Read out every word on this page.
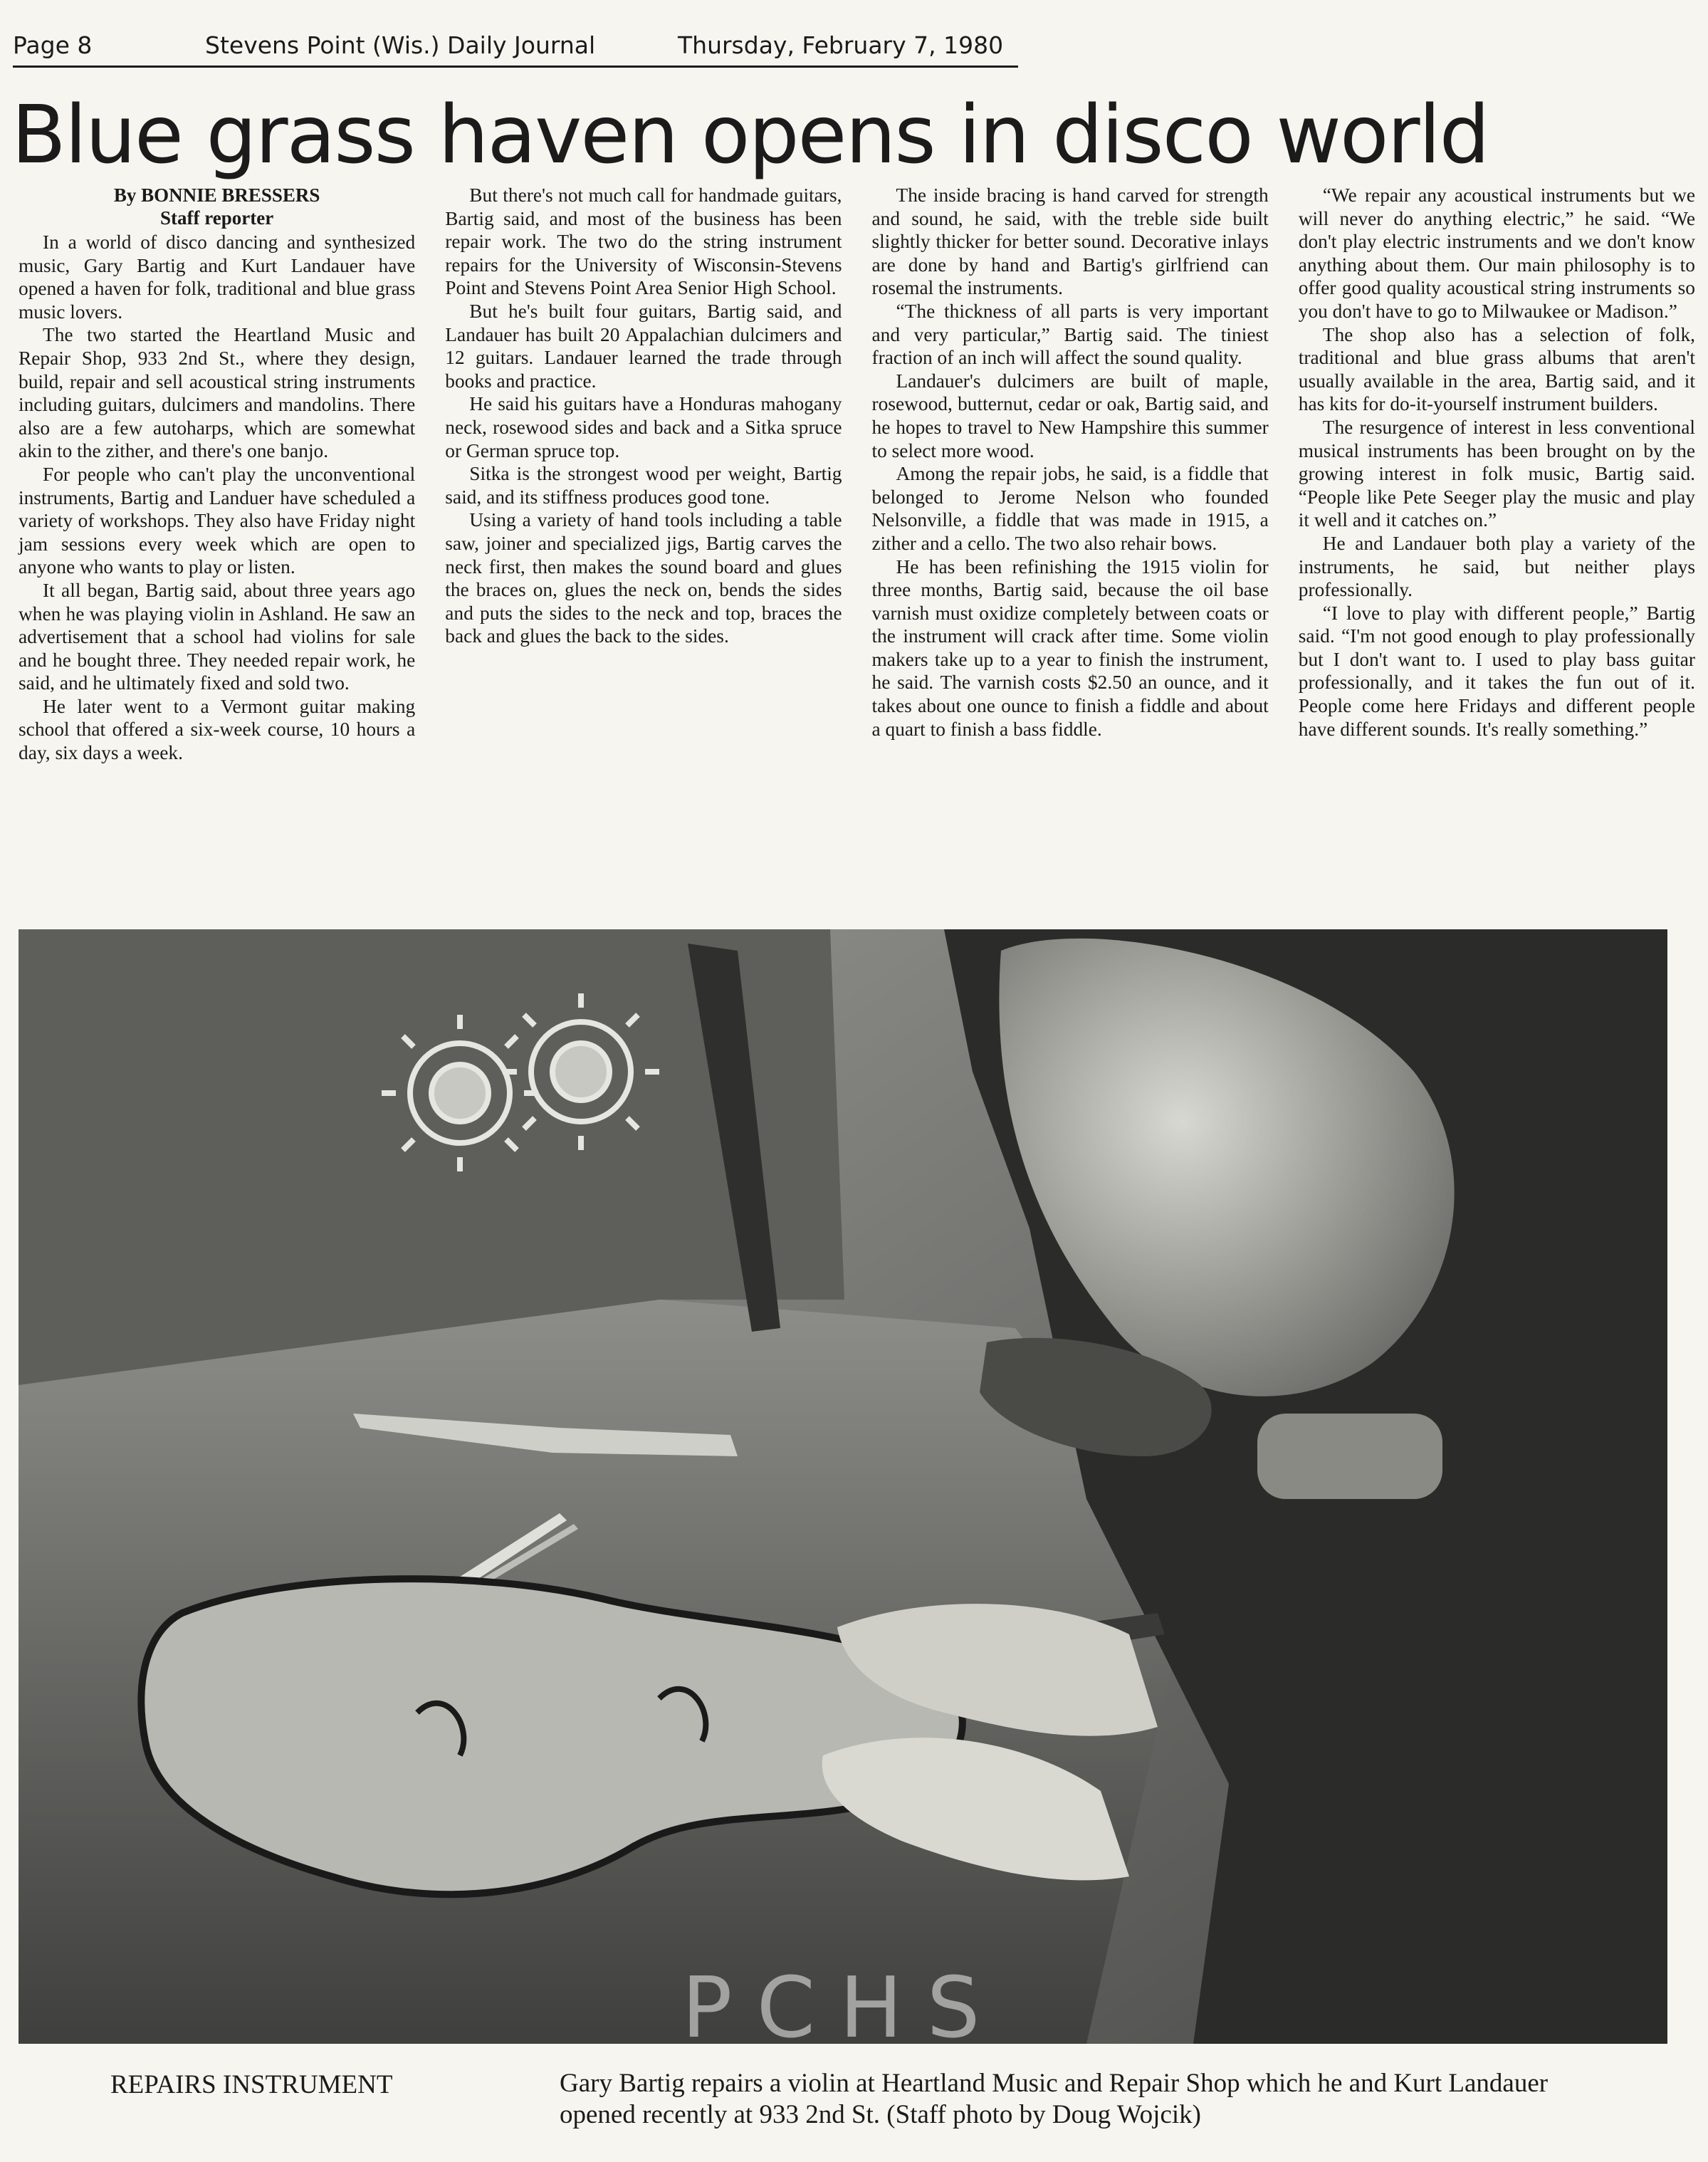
Page 8	Stevens Point (Wis.) Daily Journal	Thursday, February 7, 1980
Blue grass haven opens in disco world
By BONNIE BRESSERS
Staff reporter

In a world of disco dancing and synthesized music, Gary Bartig and Kurt Landauer have opened a haven for folk, traditional and blue grass music lovers.

The two started the Heartland Music and Repair Shop, 933 2nd St., where they design, build, repair and sell acoustical string instruments including guitars, dulcimers and mandolins. There also are a few autoharps, which are somewhat akin to the zither, and there's one banjo.

For people who can't play the unconventional instruments, Bartig and Landuer have scheduled a variety of workshops. They also have Friday night jam sessions every week which are open to anyone who wants to play or listen.

It all began, Bartig said, about three years ago when he was playing violin in Ashland. He saw an advertisement that a school had violins for sale and he bought three. They needed repair work, he said, and he ultimately fixed and sold two.

He later went to a Vermont guitar making school that offered a six-week course, 10 hours a day, six days a week.

But there's not much call for handmade guitars, Bartig said, and most of the business has been repair work. The two do the string instrument repairs for the University of Wisconsin-Stevens Point and Stevens Point Area Senior High School.

But he's built four guitars, Bartig said, and Landauer has built 20 Appalachian dulcimers and 12 guitars. Landauer learned the trade through books and practice.

He said his guitars have a Honduras mahogany neck, rosewood sides and back and a Sitka spruce or German spruce top.

Sitka is the strongest wood per weight, Bartig said, and its stiffness produces good tone.

Using a variety of hand tools including a table saw, joiner and specialized jigs, Bartig carves the neck first, then makes the sound board and glues the braces on, glues the neck on, bends the sides and puts the sides to the neck and top, braces the back and glues the back to the sides.

The inside bracing is hand carved for strength and sound, he said, with the treble side built slightly thicker for better sound. Decorative inlays are done by hand and Bartig's girlfriend can rosemal the instruments.

“The thickness of all parts is very important and very particular,” Bartig said. The tiniest fraction of an inch will affect the sound quality.

Landauer's dulcimers are built of maple, rosewood, butternut, cedar or oak, Bartig said, and he hopes to travel to New Hampshire this summer to select more wood.

Among the repair jobs, he said, is a fiddle that belonged to Jerome Nelson who founded Nelsonville, a fiddle that was made in 1915, a zither and a cello. The two also rehair bows.

He has been refinishing the 1915 violin for three months, Bartig said, because the oil base varnish must oxidize completely between coats or the instrument will crack after time. Some violin makers take up to a year to finish the instrument, he said. The varnish costs $2.50 an ounce, and it takes about one ounce to finish a fiddle and about a quart to finish a bass fiddle.

“We repair any acoustical instruments but we will never do anything electric,” he said. “We don't play electric instruments and we don't know anything about them. Our main philosophy is to offer good quality acoustical string instruments so you don't have to go to Milwaukee or Madison.”

The shop also has a selection of folk, traditional and blue grass albums that aren't usually available in the area, Bartig said, and it has kits for do-it-yourself instrument builders.

The resurgence of interest in less conventional musical instruments has been brought on by the growing interest in folk music, Bartig said. “People like Pete Seeger play the music and play it well and it catches on.”

He and Landauer both play a variety of the instruments, he said, but neither plays professionally.

“I love to play with different people,” Bartig said. “I'm not good enough to play professionally but I don't want to. I used to play bass guitar professionally, and it takes the fun out of it. People come here Fridays and different people have different sounds. It's really something.”

PCHS
REPAIRS INSTRUMENT	Gary Bartig repairs a violin at Heartland Music and Repair Shop which he and Kurt Landauer opened recently at 933 2nd St. (Staff photo by Doug Wojcik)
